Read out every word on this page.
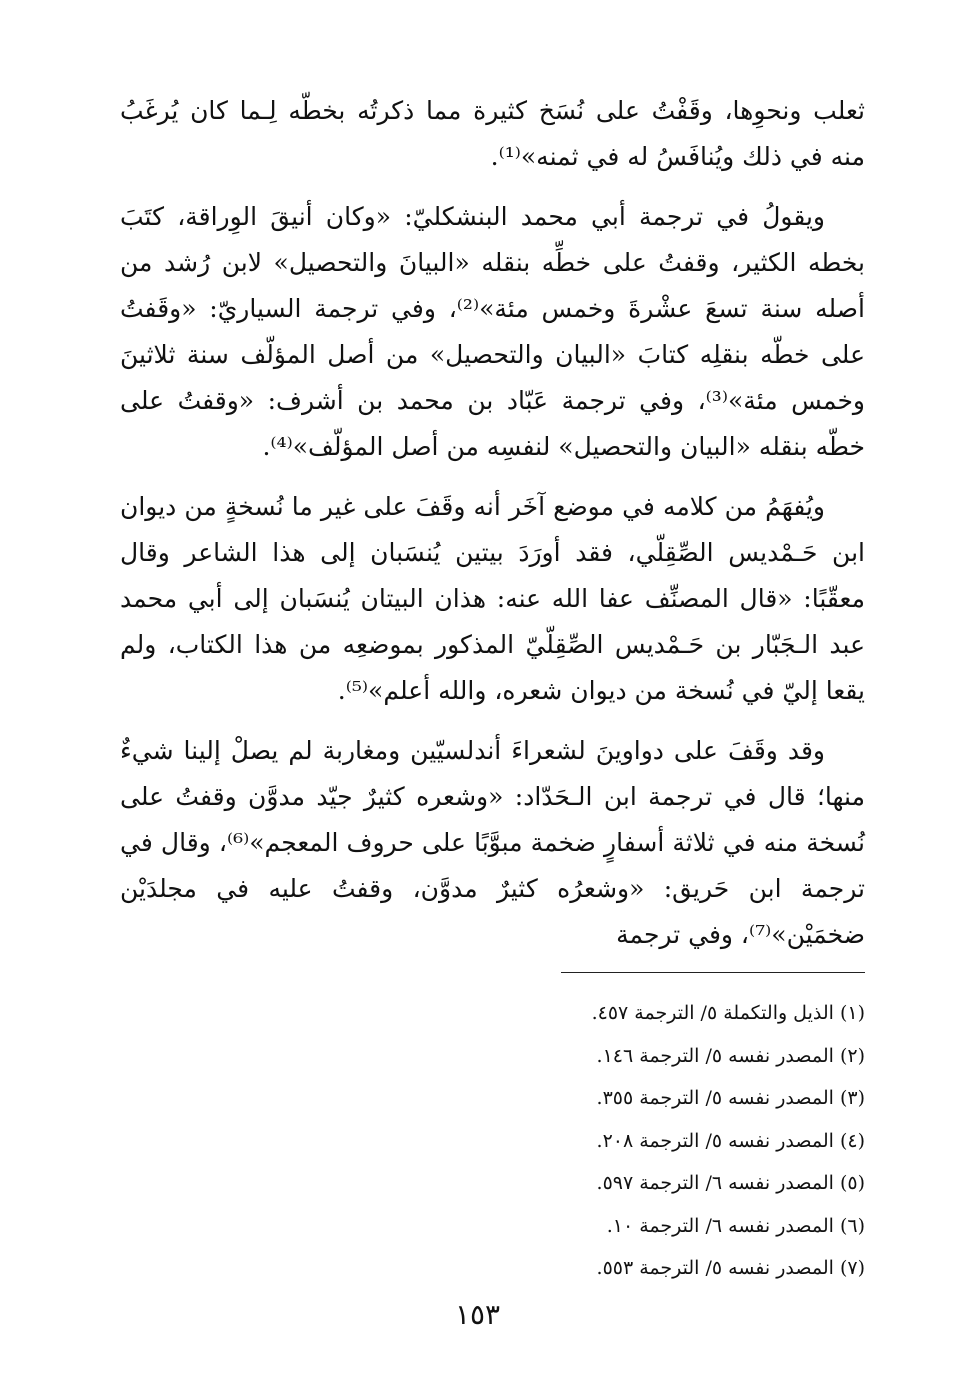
ثعلب ونحوِها، وقَفْتُ على نُسَخ كثيرة مما ذكرتُه بخطّه لِـما كان يُرغَبُ منه في ذلك ويُنافَسُ له في ثمنه»⁽¹⁾.

ويقولُ في ترجمة أبي محمد البنشكليّ: «وكان أنيقَ الوِراقة، كتَبَ بخطه الكثير، وقفتُ على خطِّه بنقله «البيانَ والتحصيل» لابن رُشد من أصله سنة تسعَ عشْرةَ وخمس مئة»⁽²⁾، وفي ترجمة السياريّ: «وقَفتُ على خطّه بنقلِه كتابَ «البيان والتحصيل» من أصل المؤلّف سنة ثلاثينَ وخمس مئة»⁽³⁾، وفي ترجمة عَبّاد بن محمد بن أشرف: «وقفتُ على خطّه بنقله «البيان والتحصيل» لنفسِه من أصل المؤلّف»⁽⁴⁾.

ويُفهَمُ من كلامه في موضع آخَر أنه وقَفَ على غير ما نُسخةٍ من ديوان ابن حَـمْديس الصِّقِلّي، فقد أورَدَ بيتين يُنسَبان إلى هذا الشاعر وقال معقّبًا: «قال المصنِّف عفا الله عنه: هذان البيتان يُنسَبان إلى أبي محمد عبد الـجَبّار بن حَـمْديس الصِّقِلّيّ المذكور بموضعِه من هذا الكتاب، ولم يقعا إليّ في نُسخة من ديوان شعره، والله أعلم»⁽⁵⁾.

وقد وقَفَ على دواوينَ لشعراءَ أندلسيّين ومغاربة لم يصلْ إلينا شيءٌ منها؛ قال في ترجمة ابن الـحَدّاد: «وشعره كثيرٌ جيّد مدوَّن وقفتُ على نُسخة منه في ثلاثة أسفارٍ ضخمة مبوَّبًا على حروف المعجم»⁽⁶⁾، وقال في ترجمة ابن حَريق: «وشعرُه كثيرٌ مدوَّن، وقفتُ عليه في مجلدَيْن ضخمَيْن»⁽⁷⁾، وفي ترجمة

(١) الذيل والتكملة ٥/ الترجمة ٤٥٧.
(٢) المصدر نفسه ٥/ الترجمة ١٤٦.
(٣) المصدر نفسه ٥/ الترجمة ٣٥٥.
(٤) المصدر نفسه ٥/ الترجمة ٢٠٨.
(٥) المصدر نفسه ٦/ الترجمة ٥٩٧.
(٦) المصدر نفسه ٦/ الترجمة ١٠.
(٧) المصدر نفسه ٥/ الترجمة ٥٥٣.
١٥٣
